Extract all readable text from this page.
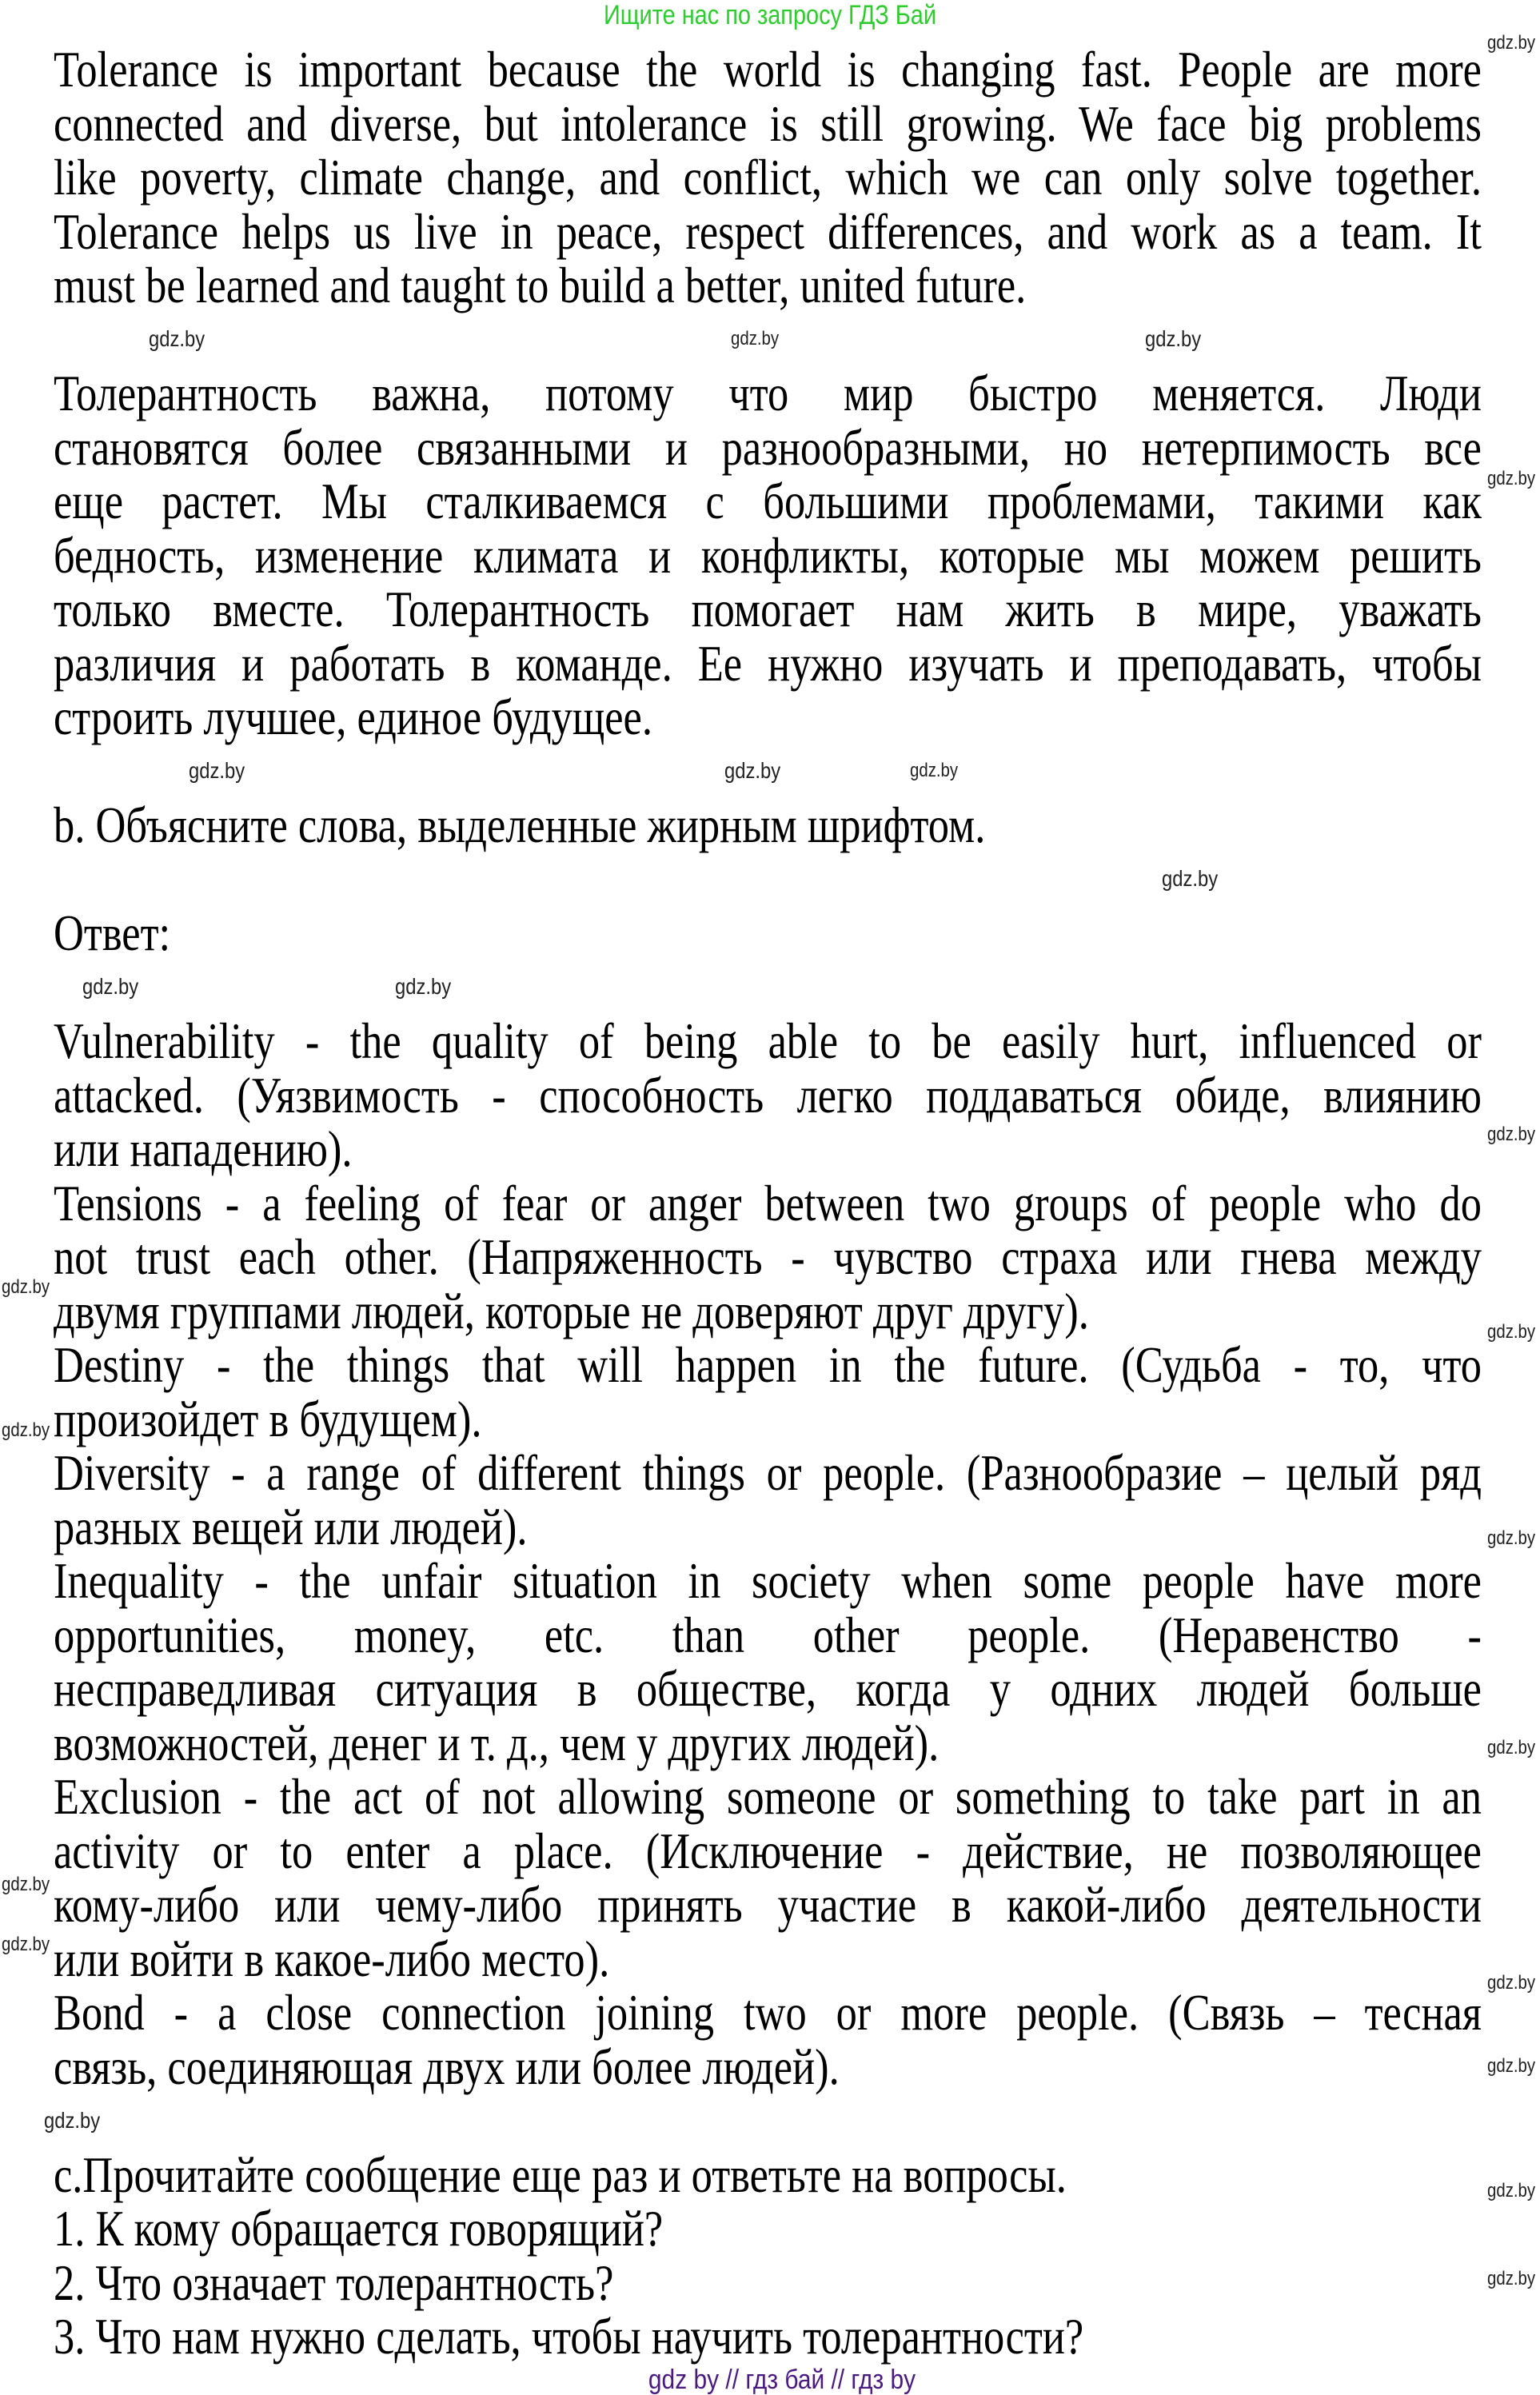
Ищите нас по запросу ГДЗ Бай
Tolerance is important because the world is changing fast. People are more
connected and diverse, but intolerance is still growing. We face big problems
like poverty, climate change, and conflict, which we can only solve together.
Tolerance helps us live in peace, respect differences, and work as a team. It
must be learned and taught to build a better, united future.
Толерантность важна, потому что мир быстро меняется. Люди
становятся более связанными и разнообразными, но нетерпимость все
еще растет. Мы сталкиваемся с большими проблемами, такими как
бедность, изменение климата и конфликты, которые мы можем решить
только вместе. Толерантность помогает нам жить в мире, уважать
различия и работать в команде. Ее нужно изучать и преподавать, чтобы
строить лучшее, единое будущее.
b. Объясните слова, выделенные жирным шрифтом.
Ответ:
Vulnerability - the quality of being able to be easily hurt, influenced or
attacked. (Уязвимость - способность легко поддаваться обиде, влиянию
или нападению).
Tensions - a feeling of fear or anger between two groups of people who do
not trust each other. (Напряженность - чувство страха или гнева между
двумя группами людей, которые не доверяют друг другу).
Destiny - the things that will happen in the future. (Судьба - то, что
произойдет в будущем).
Diversity - a range of different things or people. (Разнообразие – целый ряд
разных вещей или людей).
Inequality - the unfair situation in society when some people have more
opportunities, money, etc. than other people. (Неравенство -
несправедливая ситуация в обществе, когда у одних людей больше
возможностей, денег и т. д., чем у других людей).
Exclusion - the act of not allowing someone or something to take part in an
activity or to enter a place. (Исключение - действие, не позволяющее
кому-либо или чему-либо принять участие в какой-либо деятельности
или войти в какое-либо место).
Bond - a close connection joining two or more people. (Связь – тесная
связь, соединяющая двух или более людей).
c.Прочитайте сообщение еще раз и ответьте на вопросы.
1. К кому обращается говорящий?
2. Что означает толерантность?
3. Что нам нужно сделать, чтобы научить толерантности?
gdz.by
gdz.by
gdz.by	gdz.by
gdz.by
gdz.by	gdz.by
gdz.by
gdz.by
gdz.by
gdz.by
gdz.by
gdz.by
gdz.by
gdz.by
gdz.by
gdz.by
gdz.by
gdz.by
gdz.by
gdz.by
gdz.by
gdz.by
gdz.by
gdz by // гдз бай // гдз by
